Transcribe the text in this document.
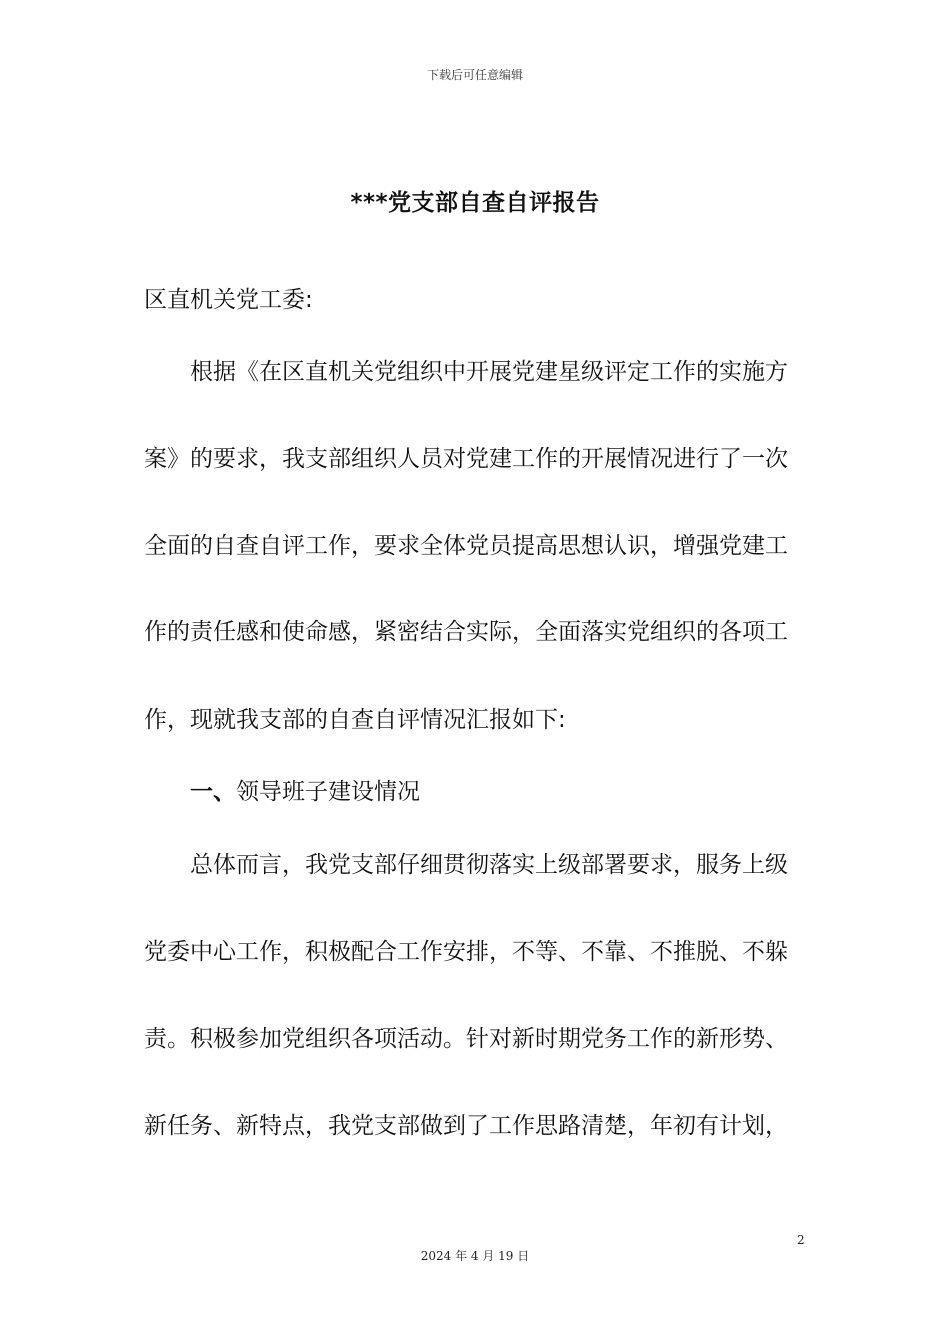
下载后可任意编辑
***党支部自查自评报告
区直机关党工委:
　　根据《在区直机关党组织中开展党建星级评定工作的实施方
案》的要求，我支部组织人员对党建工作的开展情况进行了一次
全面的自查自评工作，要求全体党员提高思想认识，增强党建工
作的责任感和使命感，紧密结合实际，全面落实党组织的各项工
作，现就我支部的自查自评情况汇报如下:
一、领导班子建设情况
　　总体而言，我党支部仔细贯彻落实上级部署要求，服务上级
党委中心工作，积极配合工作安排，不等、不靠、不推脱、不躲
责。积极参加党组织各项活动。针对新时期党务工作的新形势、
新任务、新特点，我党支部做到了工作思路清楚，年初有计划，
2
2024 年 4 月 19 日
